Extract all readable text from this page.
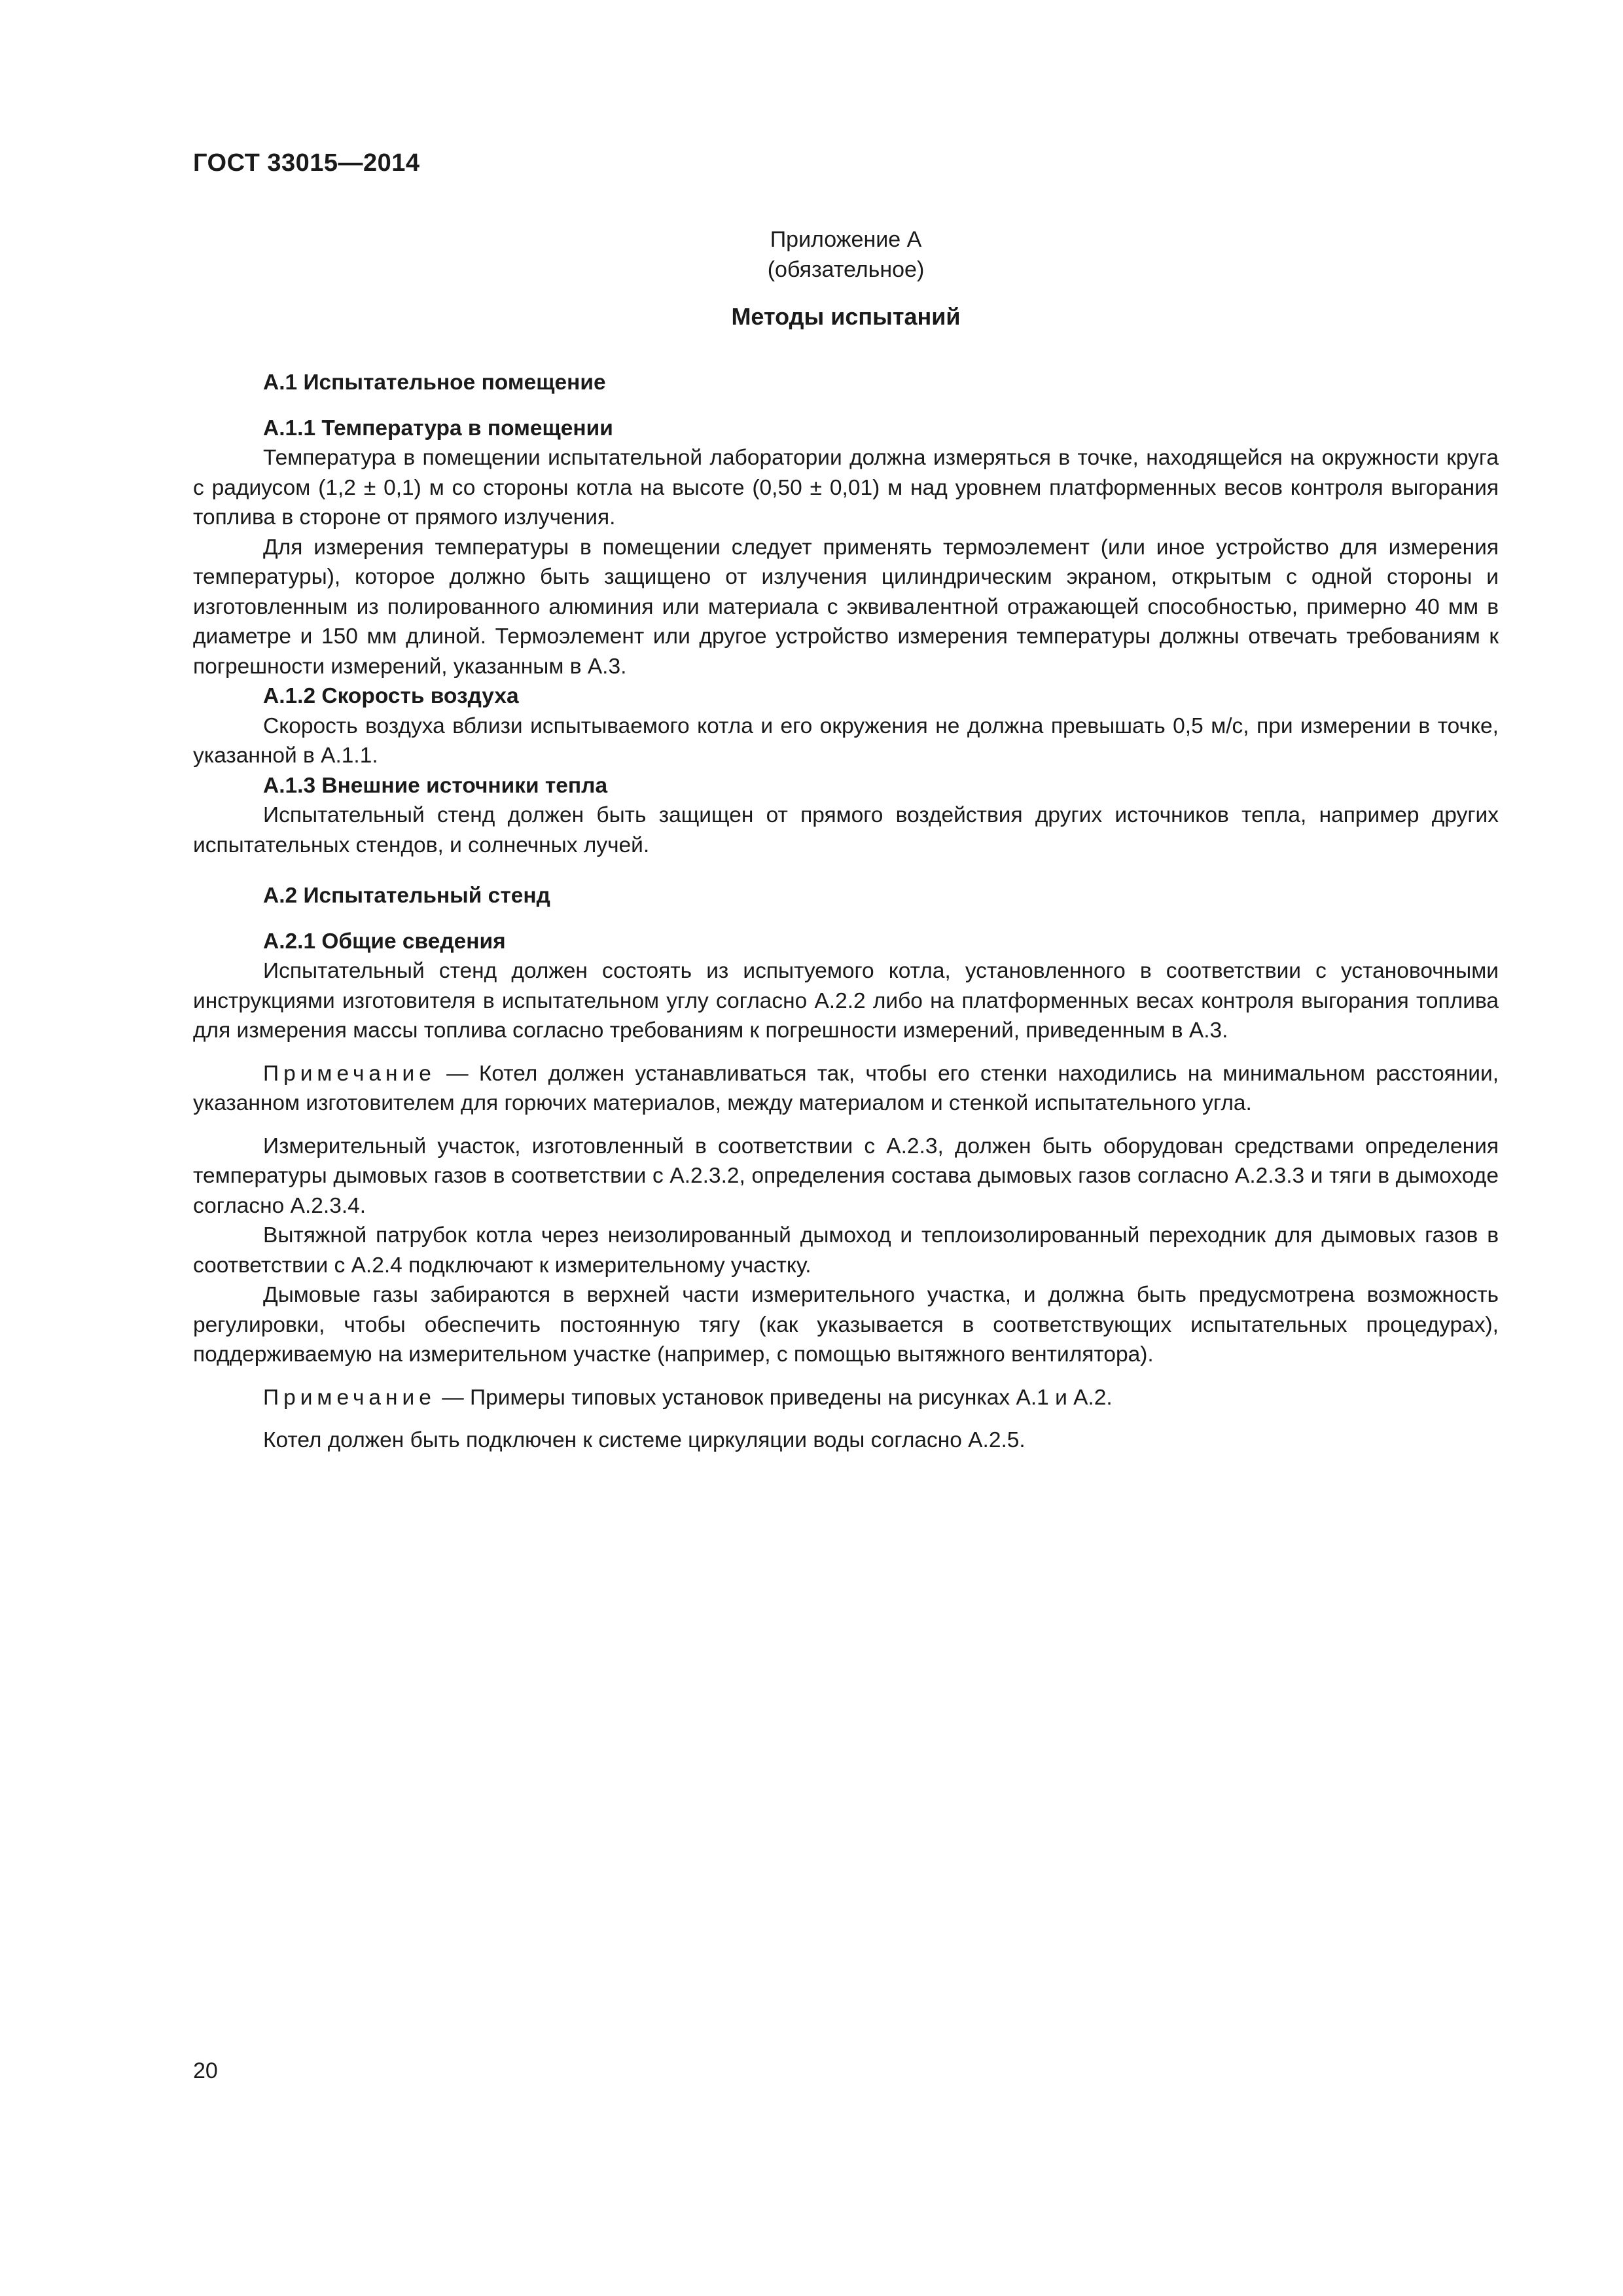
ГОСТ 33015—2014
Приложение А
(обязательное)
Методы испытаний

А.1 Испытательное помещение

А.1.1 Температура в помещении

Температура в помещении испытательной лаборатории должна измеряться в точке, находящейся на окружности круга с радиусом (1,2 ± 0,1) м со стороны котла на высоте (0,50 ± 0,01) м над уровнем платформенных весов контроля выгорания топлива в стороне от прямого излучения.

Для измерения температуры в помещении следует применять термоэлемент (или иное устройство для измерения температуры), которое должно быть защищено от излучения цилиндрическим экраном, открытым с одной стороны и изготовленным из полированного алюминия или материала с эквивалентной отражающей способностью, примерно 40 мм в диаметре и 150 мм длиной. Термоэлемент или другое устройство измерения температуры должны отвечать требованиям к погрешности измерений, указанным в А.3.

А.1.2 Скорость воздуха

Скорость воздуха вблизи испытываемого котла и его окружения не должна превышать 0,5 м/с, при измерении в точке, указанной в А.1.1.

А.1.3 Внешние источники тепла

Испытательный стенд должен быть защищен от прямого воздействия других источников тепла, например других испытательных стендов, и солнечных лучей.

А.2 Испытательный стенд

А.2.1 Общие сведения

Испытательный стенд должен состоять из испытуемого котла, установленного в соответствии с установочными инструкциями изготовителя в испытательном углу согласно А.2.2 либо на платформенных весах контроля выгорания топлива для измерения массы топлива согласно требованиям к погрешности измерений, приведенным в А.3.

Примечание — Котел должен устанавливаться так, чтобы его стенки находились на минимальном расстоянии, указанном изготовителем для горючих материалов, между материалом и стенкой испытательного угла.

Измерительный участок, изготовленный в соответствии с А.2.3, должен быть оборудован средствами определения температуры дымовых газов в соответствии с А.2.3.2, определения состава дымовых газов согласно А.2.3.3 и тяги в дымоходе согласно А.2.3.4.

Вытяжной патрубок котла через неизолированный дымоход и теплоизолированный переходник для дымовых газов в соответствии с А.2.4 подключают к измерительному участку.

Дымовые газы забираются в верхней части измерительного участка, и должна быть предусмотрена возможность регулировки, чтобы обеспечить постоянную тягу (как указывается в соответствующих испытательных процедурах), поддерживаемую на измерительном участке (например, с помощью вытяжного вентилятора).

Примечание — Примеры типовых установок приведены на рисунках А.1 и А.2.

Котел должен быть подключен к системе циркуляции воды согласно А.2.5.

20
